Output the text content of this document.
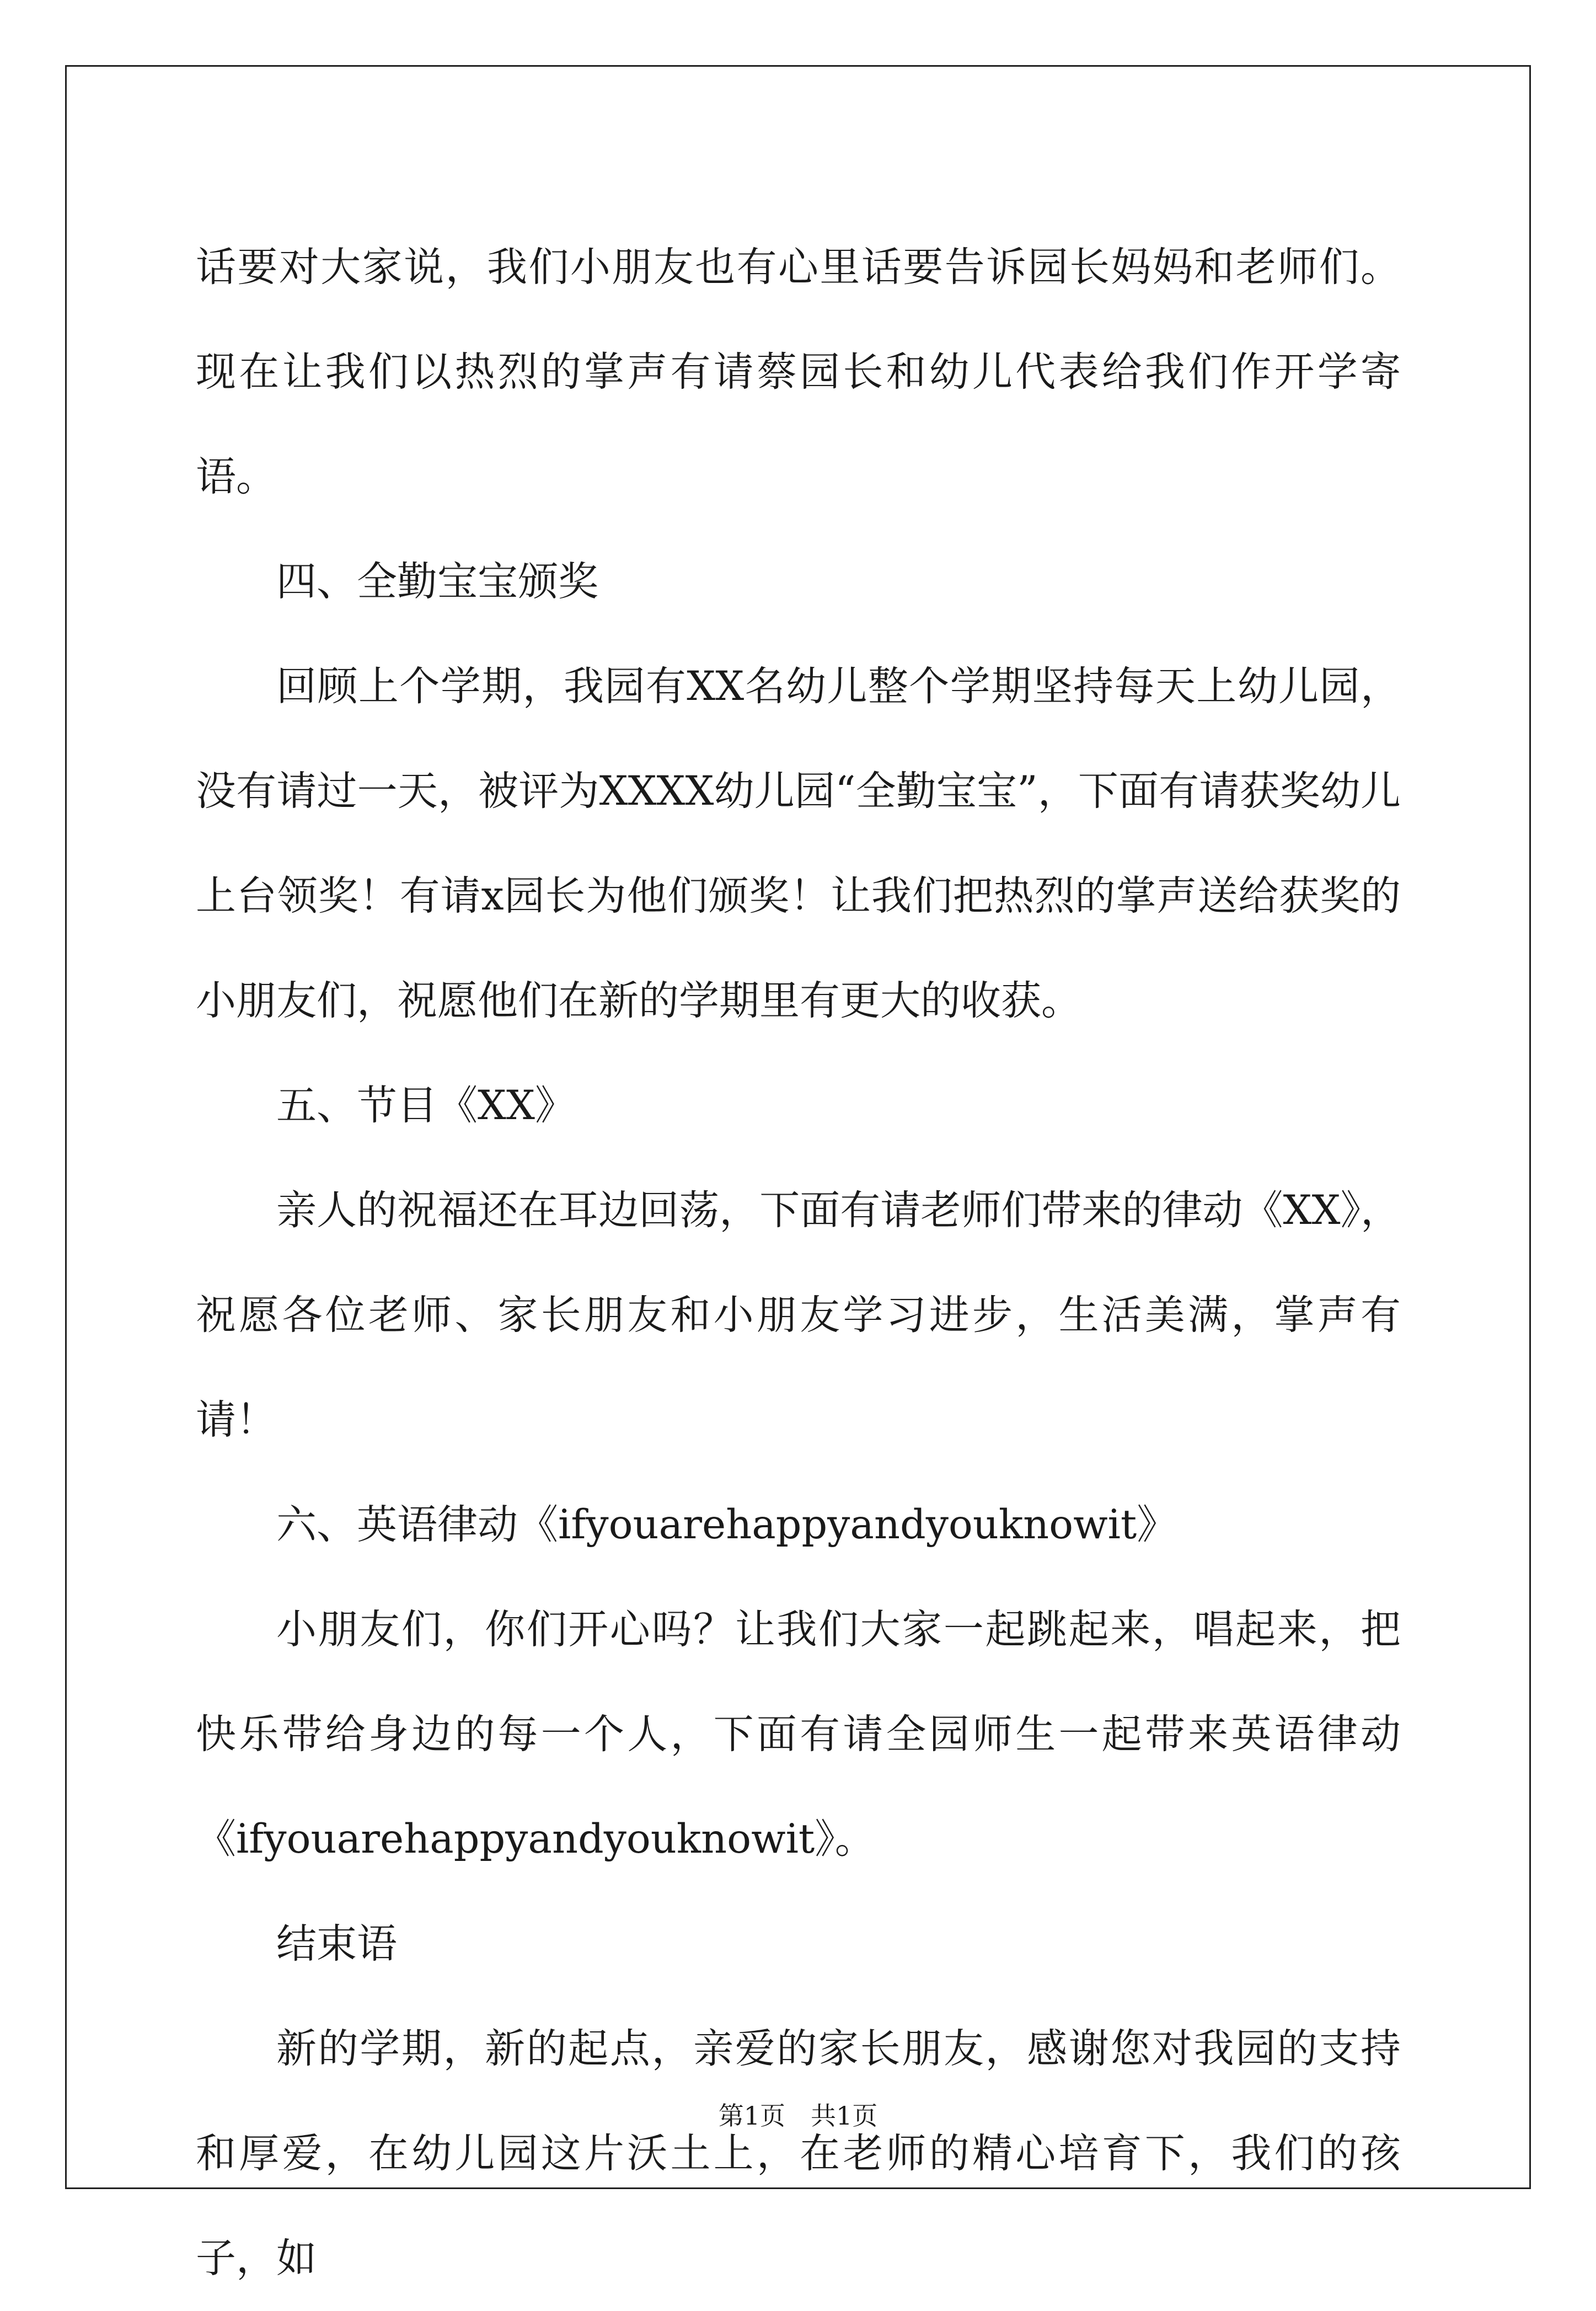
话要对大家说，我们小朋友也有心里话要告诉园长妈妈和老师们。现在让我们以热烈的掌声有请蔡园长和幼儿代表给我们作开学寄语。

四、全勤宝宝颁奖

回顾上个学期，我园有XX名幼儿整个学期坚持每天上幼儿园，没有请过一天，被评为XXXX幼儿园“全勤宝宝”，下面有请获奖幼儿上台领奖！有请x园长为他们颁奖！让我们把热烈的掌声送给获奖的小朋友们，祝愿他们在新的学期里有更大的收获。

五、节目《XX》

亲人的祝福还在耳边回荡，下面有请老师们带来的律动《XX》，祝愿各位老师、家长朋友和小朋友学习进步，生活美满，掌声有请！

六、英语律动《ifyouarehappyandyouknowit》

小朋友们，你们开心吗？让我们大家一起跳起来，唱起来，把快乐带给身边的每一个人，下面有请全园师生一起带来英语律动《ifyouarehappyandyouknowit》。

结束语

新的学期，新的起点，亲爱的家长朋友，感谢您对我园的支持和厚爱，在幼儿园这片沃土上，在老师的精心培育下，我们的孩子，如

第1页 共1页
